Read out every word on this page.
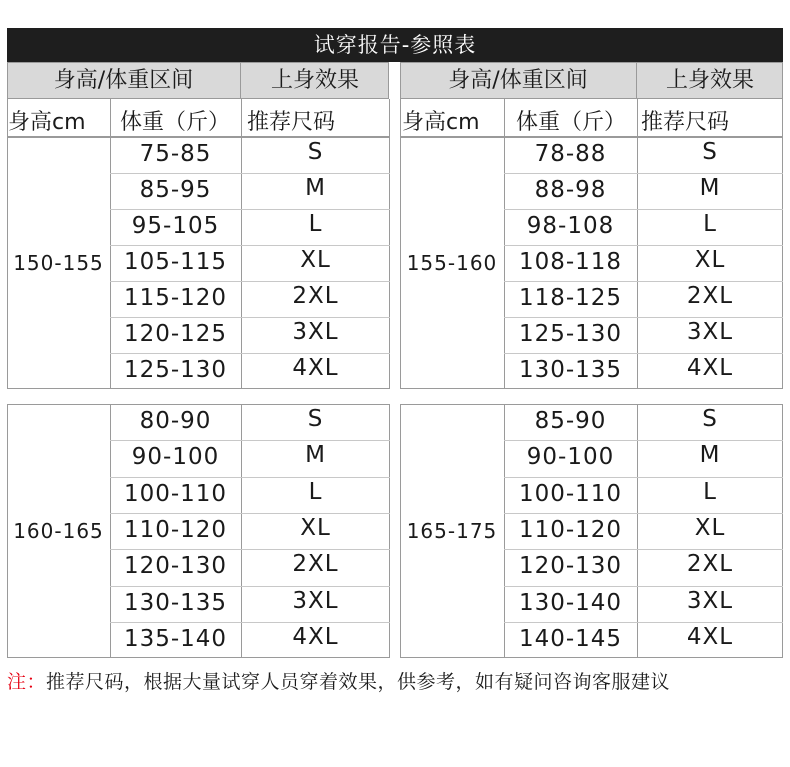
试穿报告-参照表
身高/体重区间	上身效果	身高/体重区间	上身效果
身高cm 体重（斤） 推荐尺码	身高cm 体重（斤） 推荐尺码
150-155
75-85	S
85-95	M
95-105	L
105-115	XL
115-120	2XL
120-125	3XL
125-130	4XL
155-160
78-88	S
88-98	M
98-108	L
108-118	XL
118-125	2XL
125-130	3XL
130-135	4XL
160-165
80-90	S
90-100	M
100-110	L
110-120	XL
120-130	2XL
130-135	3XL
135-140	4XL
165-175
85-90	S
90-100	M
100-110	L
110-120	XL
120-130	2XL
130-140	3XL
140-145	4XL
注：推荐尺码，根据大量试穿人员穿着效果，供参考，如有疑问咨询客服建议
